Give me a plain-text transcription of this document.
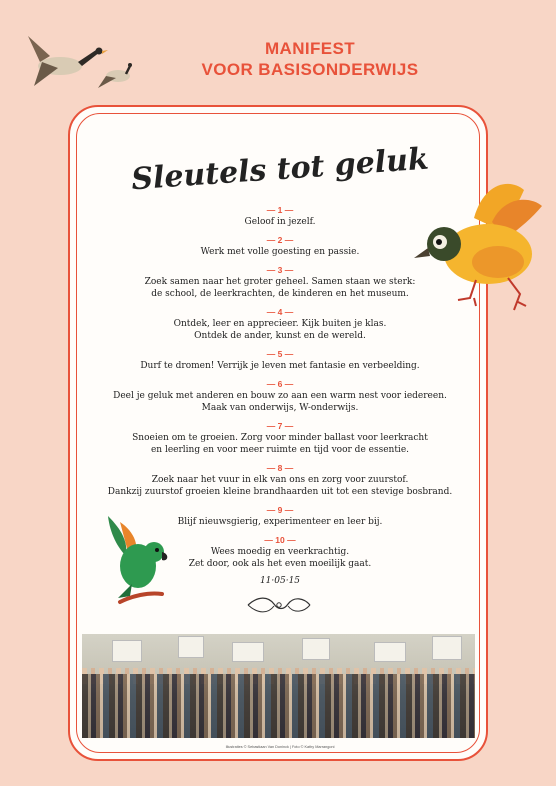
MANIFEST
VOOR BASISONDERWIJS
Sleutels tot geluk
— 1 —
Geloof in jezelf.
— 2 —
Werk met volle goesting en passie.
— 3 —
Zoek samen naar het groter geheel. Samen staan we sterk:
de school, de leerkrachten, de kinderen en het museum.
— 4 —
Ontdek, leer en apprecieer. Kijk buiten je klas.
Ontdek de ander, kunst en de wereld.
— 5 —
Durf te dromen! Verrijk je leven met fantasie en verbeelding.
— 6 —
Deel je geluk met anderen en bouw zo aan een warm nest voor iedereen.
Maak van onderwijs, W-onderwijs.
— 7 —
Snoeien om te groeien. Zorg voor minder ballast voor leerkracht
en leerling en voor meer ruimte en tijd voor de essentie.
— 8 —
Zoek naar het vuur in elk van ons en zorg voor zuurstof.
Dankzij zuurstof groeien kleine brandhaarden uit tot een stevige bosbrand.
— 9 —
Blijf nieuwsgierig, experimenteer en leer bij.
— 10 —
Wees moedig en veerkrachtig.
Zet door, ook als het even moeilijk gaat.
11·05·15
Illustraties © Sebastiaan Van Doninck | Foto © Kathy Marrangoni
